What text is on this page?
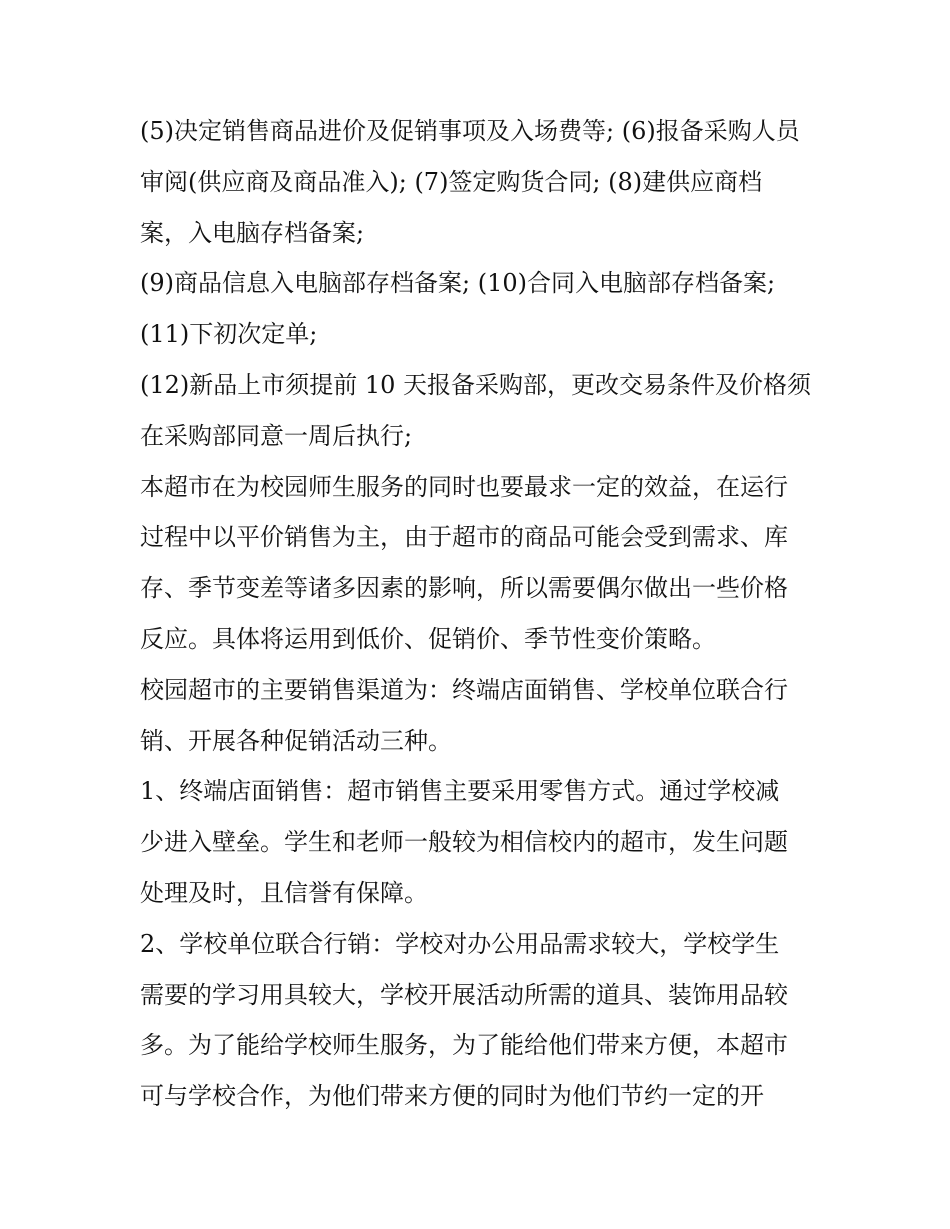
(5)决定销售商品进价及促销事项及入场费等; (6)报备采购人员
审阅(供应商及商品准入); (7)签定购货合同; (8)建供应商档
案，入电脑存档备案;
(9)商品信息入电脑部存档备案; (10)合同入电脑部存档备案;
(11)下初次定单;
(12)新品上市须提前 10 天报备采购部，更改交易条件及价格须
在采购部同意一周后执行;
本超市在为校园师生服务的同时也要最求一定的效益，在运行
过程中以平价销售为主，由于超市的商品可能会受到需求、库
存、季节变差等诸多因素的影响，所以需要偶尔做出一些价格
反应。具体将运用到低价、促销价、季节性变价策略。
校园超市的主要销售渠道为：终端店面销售、学校单位联合行
销、开展各种促销活动三种。
1、终端店面销售：超市销售主要采用零售方式。通过学校减
少进入壁垒。学生和老师一般较为相信校内的超市，发生问题
处理及时，且信誉有保障。
2、学校单位联合行销：学校对办公用品需求较大，学校学生
需要的学习用具较大，学校开展活动所需的道具、装饰用品较
多。为了能给学校师生服务，为了能给他们带来方便，本超市
可与学校合作，为他们带来方便的同时为他们节约一定的开
